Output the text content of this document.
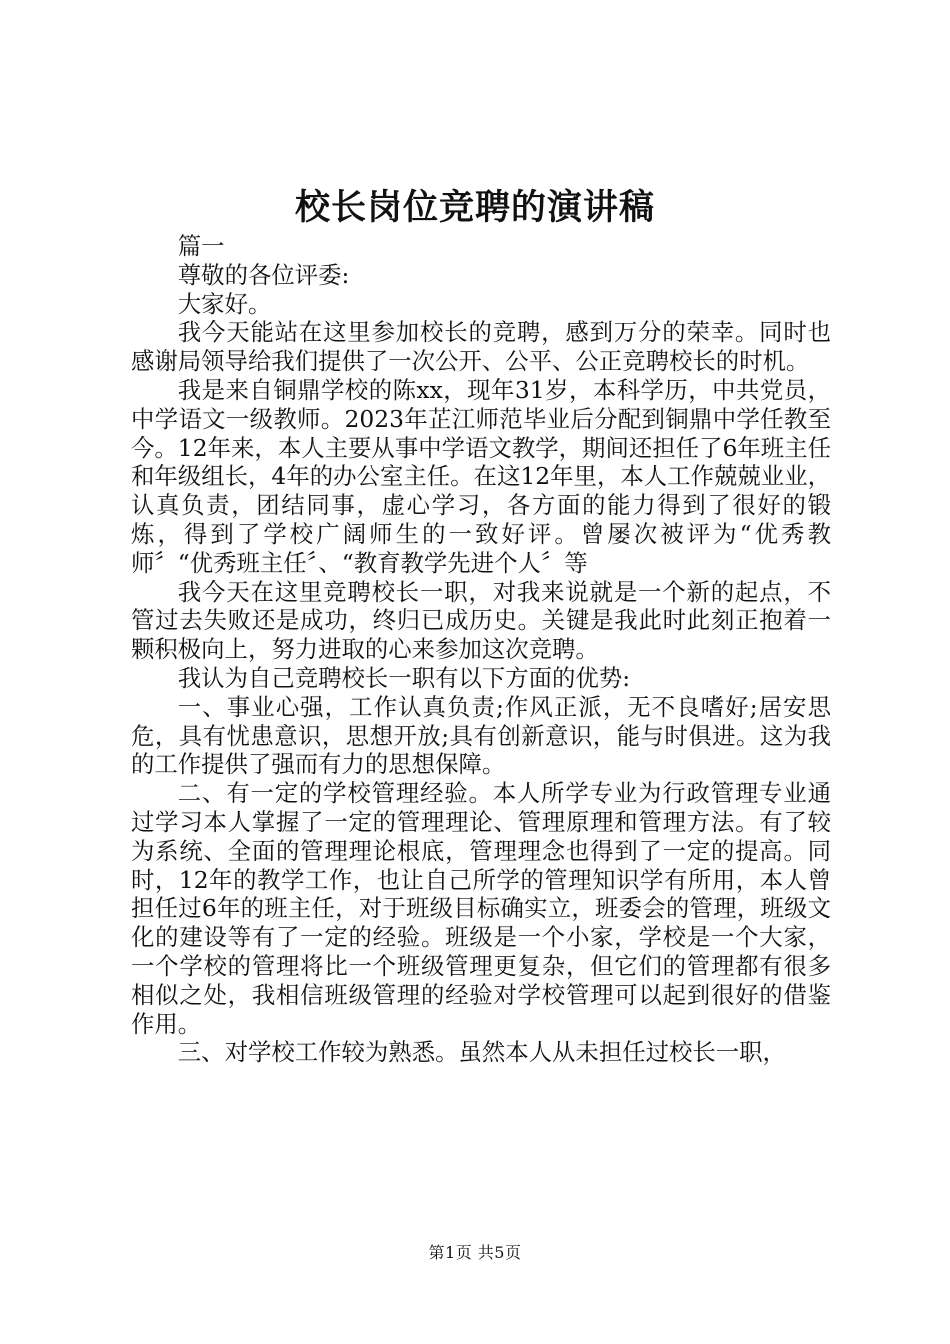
校长岗位竞聘的演讲稿

篇一

尊敬的各位评委:

大家好。

我今天能站在这里参加校长的竞聘，感到万分的荣幸。同时也感谢局领导给我们提供了一次公开、公平、公正竞聘校长的时机。

我是来自铜鼎学校的陈xx，现年31岁，本科学历，中共党员，中学语文一级教师。2023年芷江师范毕业后分配到铜鼎中学任教至今。12年来，本人主要从事中学语文教学，期间还担任了6年班主任和年级组长，4年的办公室主任。在这12年里，本人工作兢兢业业，认真负责，团结同事，虚心学习，各方面的能力得到了很好的锻炼，得到了学校广阔师生的一致好评。曾屡次被评为“优秀教师〞“优秀班主任〞、“教育教学先进个人〞等

我今天在这里竞聘校长一职，对我来说就是一个新的起点，不管过去失败还是成功，终归已成历史。关键是我此时此刻正抱着一颗积极向上，努力进取的心来参加这次竞聘。

我认为自己竞聘校长一职有以下方面的优势:

一、事业心强，工作认真负责;作风正派，无不良嗜好;居安思危，具有忧患意识，思想开放;具有创新意识，能与时俱进。这为我的工作提供了强而有力的思想保障。

二、有一定的学校管理经验。本人所学专业为行政管理专业通过学习本人掌握了一定的管理理论、管理原理和管理方法。有了较为系统、全面的管理理论根底，管理理念也得到了一定的提高。同时，12年的教学工作，也让自己所学的管理知识学有所用，本人曾担任过6年的班主任，对于班级目标确实立，班委会的管理，班级文化的建设等有了一定的经验。班级是一个小家，学校是一个大家，一个学校的管理将比一个班级管理更复杂，但它们的管理都有很多相似之处，我相信班级管理的经验对学校管理可以起到很好的借鉴作用。

三、对学校工作较为熟悉。虽然本人从未担任过校长一职，

第1页 共5页
